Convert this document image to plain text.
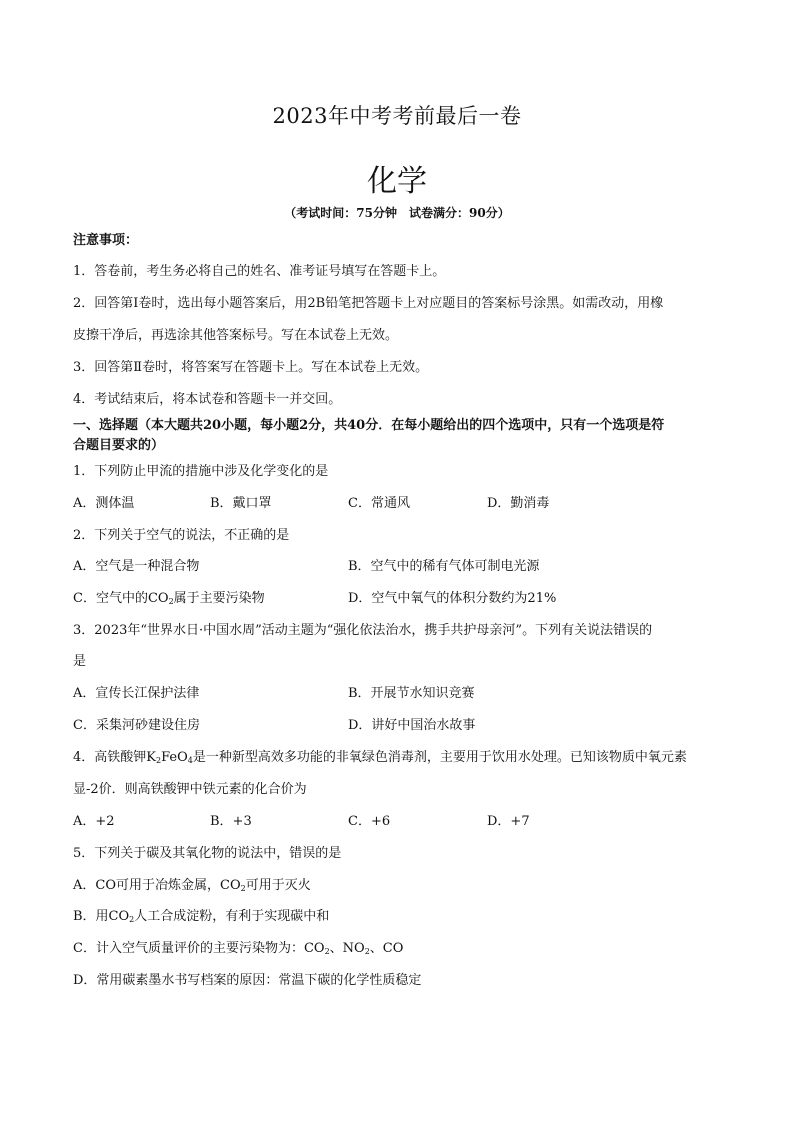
2023年中考考前最后一卷
化学
（考试时间：75分钟　试卷满分：90分）
注意事项：
1．答卷前，考生务必将自己的姓名、准考证号填写在答题卡上。
2．回答第Ⅰ卷时，选出每小题答案后，用2B铅笔把答题卡上对应题目的答案标号涂黑。如需改动，用橡
皮擦干净后，再选涂其他答案标号。写在本试卷上无效。
3．回答第Ⅱ卷时，将答案写在答题卡上。写在本试卷上无效。
4．考试结束后，将本试卷和答题卡一并交回。
一、选择题（本大题共20小题，每小题2分，共40分．在每小题给出的四个选项中，只有一个选项是符
合题目要求的）
1．下列防止甲流的措施中涉及化学变化的是
A．测体温	B．戴口罩	C．常通风	D．勤消毒
2．下列关于空气的说法，不正确的是
A．空气是一种混合物	B．空气中的稀有气体可制电光源
C．空气中的$CO_2$属于主要污染物	D．空气中氧气的体积分数约为21%
3．2023年“世界水日·中国水周”活动主题为“强化依法治水，携手共护母亲河”。下列有关说法错误的
是
A．宣传长江保护法律	B．开展节水知识竞赛
C．采集河砂建设住房	D．讲好中国治水故事
4．高铁酸钾$K_2FeO_4$是一种新型高效多功能的非氧绿色消毒剂，主要用于饮用水处理。已知该物质中氧元素
显-2价．则高铁酸钾中铁元素的化合价为
A．+2	B．+3	C．+6	D．+7
5．下列关于碳及其氧化物的说法中，错误的是
A．CO可用于冶炼金属，$CO_2$可用于灭火
B．用$CO_2$人工合成淀粉，有利于实现碳中和
C．计入空气质量评价的主要污染物为：$CO_2$、$NO_2$、CO
D．常用碳素墨水书写档案的原因：常温下碳的化学性质稳定
